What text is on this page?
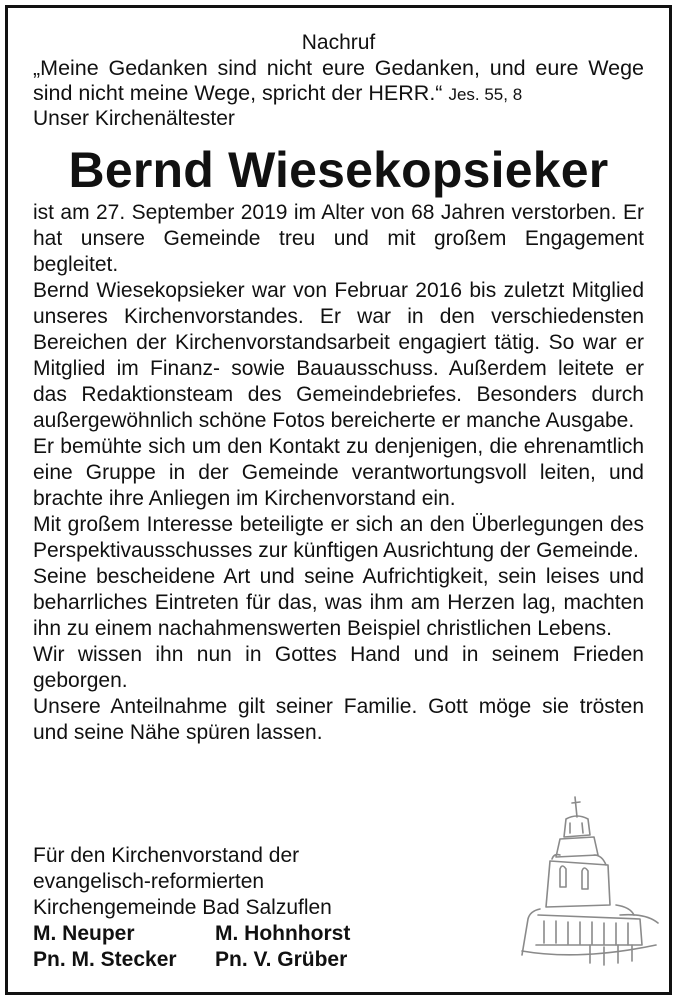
Nachruf
„Meine Gedanken sind nicht eure Gedanken, und eure Wege sind nicht meine Wege, spricht der HERR.“ Jes. 55, 8
Unser Kirchenältester
Bernd Wiesekopsieker

ist am 27. September 2019 im Alter von 68 Jahren verstorben. Er hat unsere Gemeinde treu und mit großem Engagement begleitet.

Bernd Wiesekopsieker war von Februar 2016 bis zuletzt Mitglied unseres Kirchenvorstandes. Er war in den verschiedensten Bereichen der Kirchenvorstandsarbeit engagiert tätig. So war er Mitglied im Finanz- sowie Bauausschuss. Außerdem leitete er das Redaktionsteam des Gemeindebriefes. Besonders durch außergewöhnlich schöne Fotos bereicherte er manche Ausgabe.

Er bemühte sich um den Kontakt zu denjenigen, die ehrenamtlich eine Gruppe in der Gemeinde verantwortungsvoll leiten, und brachte ihre Anliegen im Kirchenvorstand ein.

Mit großem Interesse beteiligte er sich an den Überlegungen des Perspektivausschusses zur künftigen Ausrichtung der Gemeinde.

Seine bescheidene Art und seine Aufrichtigkeit, sein leises und beharrliches Eintreten für das, was ihm am Herzen lag, machten ihn zu einem nachahmenswerten Beispiel christlichen Lebens.

Wir wissen ihn nun in Gottes Hand und in seinem Frieden geborgen.

Unsere Anteilnahme gilt seiner Familie. Gott möge sie trösten und seine Nähe spüren lassen.

Für den Kirchenvorstand der
evangelisch-reformierten
Kirchengemeinde Bad Salzuflen
M. Neuper	M. Hohnhorst
Pn. M. Stecker	Pn. V. Grüber
